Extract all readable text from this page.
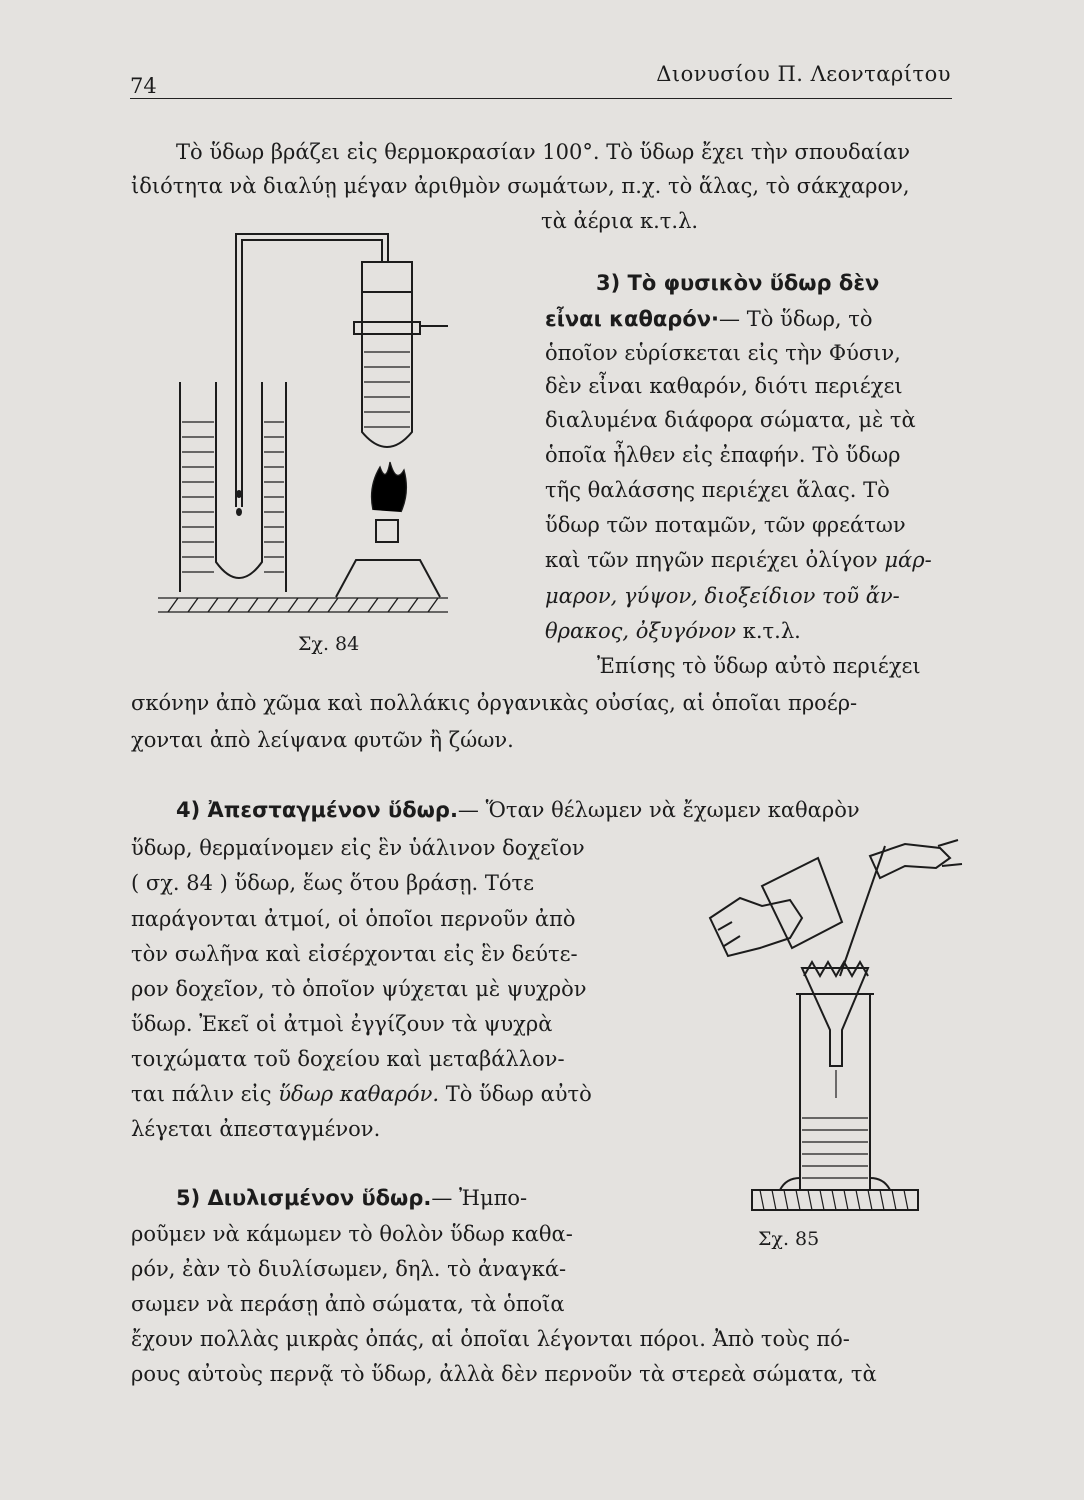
74	Διονυσίου Π. Λεονταρίτου
Τὸ ὕδωρ βράζει εἰς θερμοκρασίαν 100°. Τὸ ὕδωρ ἔχει τὴν σπουδαίαν
ἰδιότητα νὰ διαλύῃ μέγαν ἀριθμὸν σωμάτων, π.χ. τὸ ἅλας, τὸ σάκχαρον,
τὰ ἀέρια κ.τ.λ.
Σχ. 84
3) Τὸ φυσικὸν ὕδωρ δὲν
εἶναι καθαρόν·— Τὸ ὕδωρ, τὸ
ὁποῖον εὑρίσκεται εἰς τὴν Φύσιν,
δὲν εἶναι καθαρόν, διότι περιέχει
διαλυμένα διάφορα σώματα, μὲ τὰ
ὁποῖα ἦλθεν εἰς ἐπαφήν. Τὸ ὕδωρ
τῆς θαλάσσης περιέχει ἅλας. Τὸ
ὕδωρ τῶν ποταμῶν, τῶν φρεάτων
καὶ τῶν πηγῶν περιέχει ὀλίγον μάρ-
μαρον, γύψον, διοξείδιον τοῦ ἄν-
θρακος, ὀξυγόνον κ.τ.λ.
Ἐπίσης τὸ ὕδωρ αὐτὸ περιέχει
σκόνην ἀπὸ χῶμα καὶ πολλάκις ὀργανικὰς οὐσίας, αἱ ὁποῖαι προέρ-
χονται ἀπὸ λείψανα φυτῶν ἢ ζώων.
4) Ἀπεσταγμένον ὕδωρ.— Ὅταν θέλωμεν νὰ ἔχωμεν καθαρὸν
ὕδωρ, θερμαίνομεν εἰς ἓν ὑάλινον δοχεῖον
( σχ. 84 ) ὕδωρ, ἕως ὅτου βράσῃ. Τότε
παράγονται ἀτμοί, οἱ ὁποῖοι περνοῦν ἀπὸ
τὸν σωλῆνα καὶ εἰσέρχονται εἰς ἓν δεύτε-
ρον δοχεῖον, τὸ ὁποῖον ψύχεται μὲ ψυχρὸν
ὕδωρ. Ἐκεῖ οἱ ἀτμοὶ ἐγγίζουν τὰ ψυχρὰ
τοιχώματα τοῦ δοχείου καὶ μεταβάλλον-
ται πάλιν εἰς ὕδωρ καθαρόν. Τὸ ὕδωρ αὐτὸ
λέγεται ἀπεσταγμένον.
Σχ. 85
5) Διυλισμένον ὕδωρ.— Ἠμπο-
ροῦμεν νὰ κάμωμεν τὸ θολὸν ὕδωρ καθα-
ρόν, ἐὰν τὸ διυλίσωμεν, δηλ. τὸ ἀναγκά-
σωμεν νὰ περάσῃ ἀπὸ σώματα, τὰ ὁποῖα
ἔχουν πολλὰς μικρὰς ὀπάς, αἱ ὁποῖαι λέγονται πόροι. Ἀπὸ τοὺς πό-
ρους αὐτοὺς περνᾷ τὸ ὕδωρ, ἀλλὰ δὲν περνοῦν τὰ στερεὰ σώματα, τὰ
